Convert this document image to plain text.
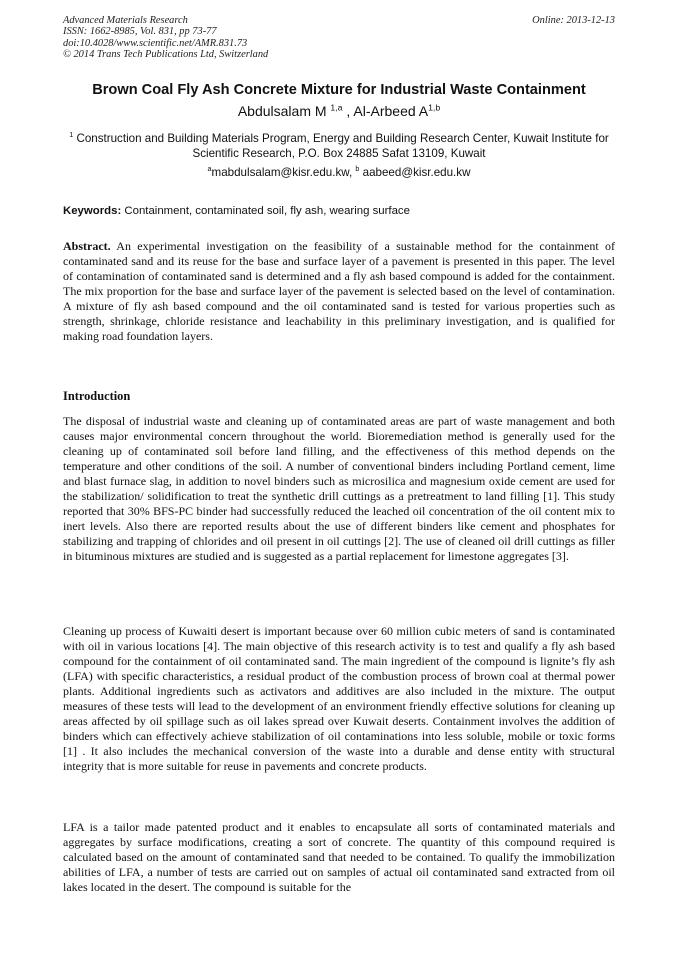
Advanced Materials Research
ISSN: 1662-8985, Vol. 831, pp 73-77
doi:10.4028/www.scientific.net/AMR.831.73
© 2014 Trans Tech Publications Ltd, Switzerland
Online: 2013-12-13
Brown Coal Fly Ash Concrete Mixture for Industrial Waste Containment
Abdulsalam M $^{1,a}$ , Al-Arbeed A$^{1,b}$
$^1$ Construction and Building Materials Program, Energy and Building Research Center, Kuwait Institute for Scientific Research, P.O. Box 24885 Safat 13109, Kuwait
$^a$mabdulsalam@kisr.edu.kw, $^b$ aabeed@kisr.edu.kw
Keywords: Containment, contaminated soil, fly ash, wearing surface
Abstract. An experimental investigation on the feasibility of a sustainable method for the containment of contaminated sand and its reuse for the base and surface layer of a pavement is presented in this paper. The level of contamination of contaminated sand is determined and a fly ash based compound is added for the containment. The mix proportion for the base and surface layer of the pavement is selected based on the level of contamination. A mixture of fly ash based compound and the oil contaminated sand is tested for various properties such as strength, shrinkage, chloride resistance and leachability in this preliminary investigation, and is qualified for making road foundation layers.
Introduction
The disposal of industrial waste and cleaning up of contaminated areas are part of waste management and both causes major environmental concern throughout the world. Bioremediation method is generally used for the cleaning up of contaminated soil before land filling, and the effectiveness of this method depends on the temperature and other conditions of the soil. A number of conventional binders including Portland cement, lime and blast furnace slag, in addition to novel binders such as microsilica and magnesium oxide cement are used for the stabilization/ solidification to treat the synthetic drill cuttings as a pretreatment to land filling [1]. This study reported that 30% BFS-PC binder had successfully reduced the leached oil concentration of the oil content mix to inert levels. Also there are reported results about the use of different binders like cement and phosphates for stabilizing and trapping of chlorides and oil present in oil cuttings [2]. The use of cleaned oil drill cuttings as filler in bituminous mixtures are studied and is suggested as a partial replacement for limestone aggregates [3].
Cleaning up process of Kuwaiti desert is important because over 60 million cubic meters of sand is contaminated with oil in various locations [4]. The main objective of this research activity is to test and qualify a fly ash based compound for the containment of oil contaminated sand. The main ingredient of the compound is lignite’s fly ash (LFA) with specific characteristics, a residual product of the combustion process of brown coal at thermal power plants. Additional ingredients such as activators and additives are also included in the mixture. The output measures of these tests will lead to the development of an environment friendly effective solutions for cleaning up areas affected by oil spillage such as oil lakes spread over Kuwait deserts. Containment involves the addition of binders which can effectively achieve stabilization of oil contaminations into less soluble, mobile or toxic forms [1] . It also includes the mechanical conversion of the waste into a durable and dense entity with structural integrity that is more suitable for reuse in pavements and concrete products.
LFA is a tailor made patented product and it enables to encapsulate all sorts of contaminated materials and aggregates by surface modifications, creating a sort of concrete. The quantity of this compound required is calculated based on the amount of contaminated sand that needed to be contained. To qualify the immobilization abilities of LFA, a number of tests are carried out on samples of actual oil contaminated sand extracted from oil lakes located in the desert. The compound is suitable for the
